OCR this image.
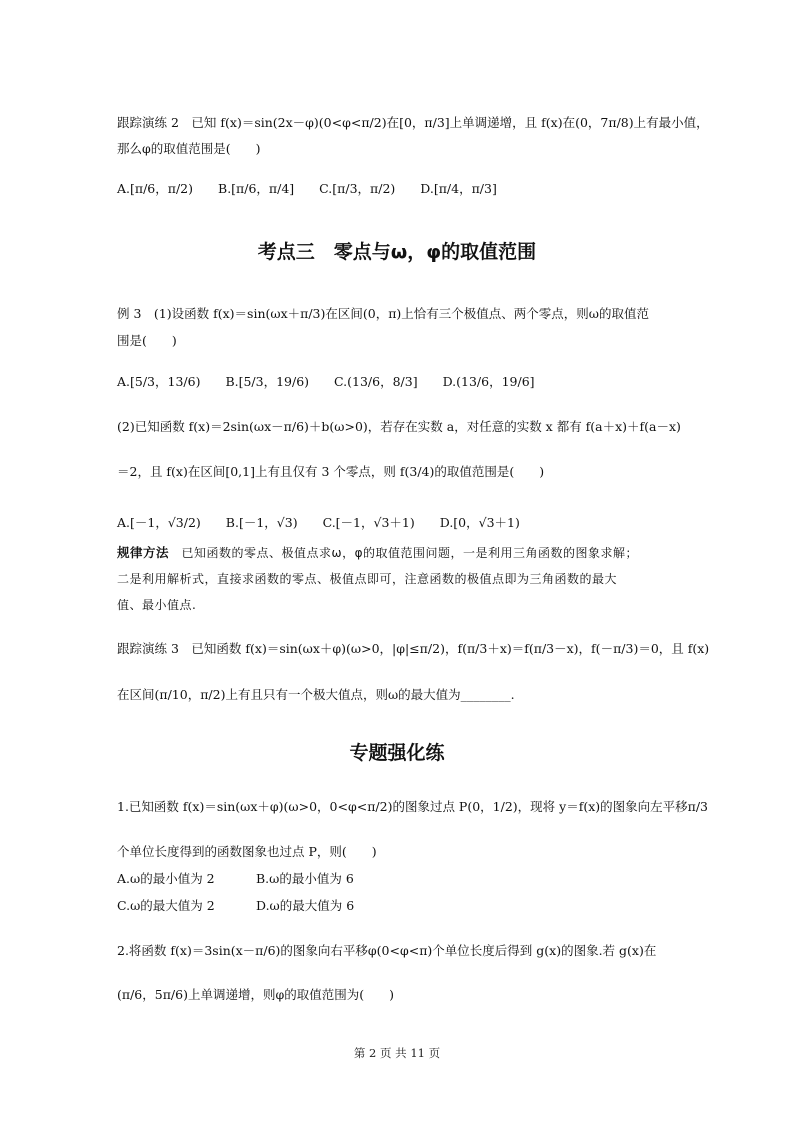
跟踪演练 2　已知 f(x)＝sin(2x－φ)(0<φ<π/2)在[0，π/3]上单调递增，且 f(x)在(0，7π/8)上有最小值，
那么φ的取值范围是(　　)
A.[π/6，π/2)　　B.[π/6，π/4]　　C.[π/3，π/2)　　D.[π/4，π/3]
考点三　零点与ω，φ的取值范围
例 3　(1)设函数 f(x)＝sin(ωx＋π/3)在区间(0，π)上恰有三个极值点、两个零点，则ω的取值范
围是(　　)
A.[5/3，13/6)　　B.[5/3，19/6)　　C.(13/6，8/3]　　D.(13/6，19/6]
(2)已知函数 f(x)＝2sin(ωx－π/6)＋b(ω>0)，若存在实数 a，对任意的实数 x 都有 f(a＋x)＋f(a－x)
＝2，且 f(x)在区间[0,1]上有且仅有 3 个零点，则 f(3/4)的取值范围是(　　)
A.[－1，√3/2)　　B.[－1，√3)　　C.[－1，√3＋1)　　D.[0，√3＋1)
规律方法　已知函数的零点、极值点求ω，φ的取值范围问题，一是利用三角函数的图象求解；
二是利用解析式，直接求函数的零点、极值点即可，注意函数的极值点即为三角函数的最大
值、最小值点.
跟踪演练 3　已知函数 f(x)＝sin(ωx＋φ)(ω>0，|φ|≤π/2)，f(π/3＋x)＝f(π/3－x)，f(－π/3)＝0，且 f(x)
在区间(π/10，π/2)上有且只有一个极大值点，则ω的最大值为________.
专题强化练
1.已知函数 f(x)＝sin(ωx＋φ)(ω>0，0<φ<π/2)的图象过点 P(0，1/2)，现将 y＝f(x)的图象向左平移π/3
个单位长度得到的函数图象也过点 P，则(　　)
A.ω的最小值为 2	B.ω的最小值为 6
C.ω的最大值为 2	D.ω的最大值为 6
2.将函数 f(x)＝3sin(x－π/6)的图象向右平移φ(0<φ<π)个单位长度后得到 g(x)的图象.若 g(x)在
(π/6，5π/6)上单调递增，则φ的取值范围为(　　)
第 2 页 共 11 页
